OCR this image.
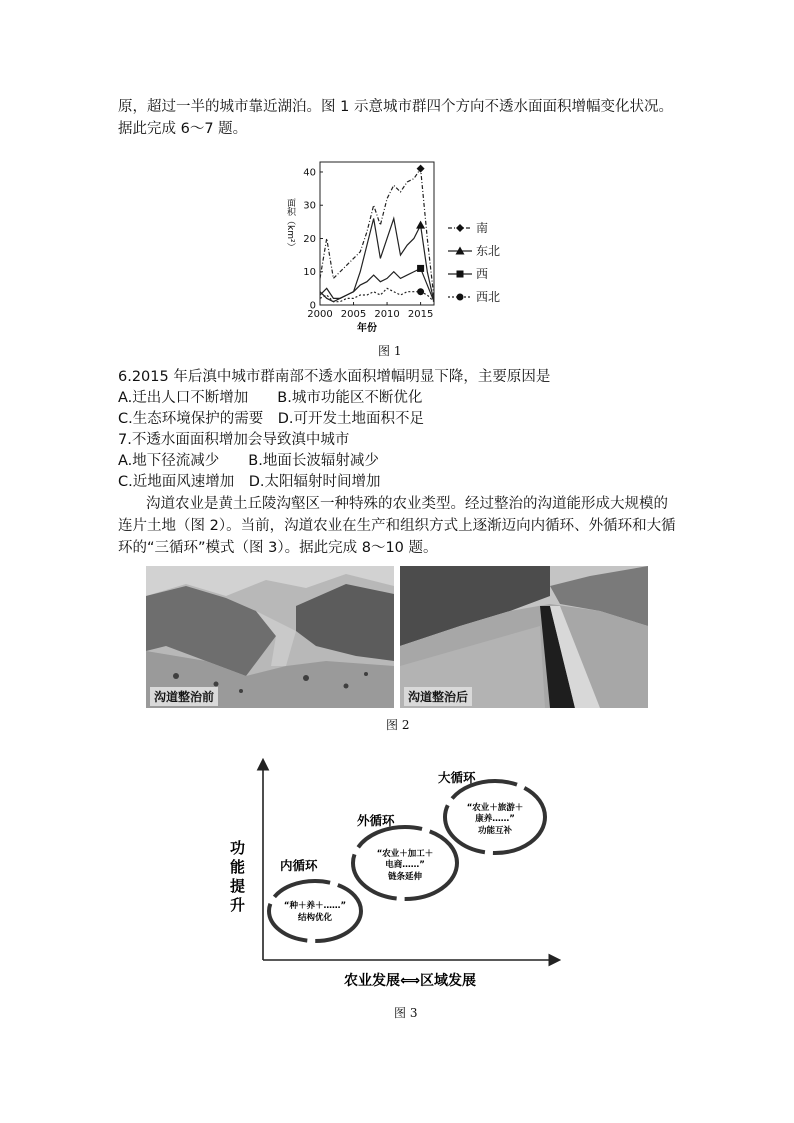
原，超过一半的城市靠近湖泊。图 1 示意城市群四个方向不透水面面积增幅变化状况。
据此完成 6～7 题。
0
10
20
30
40
2000 2005 2010 2015
年份
面积（km²）	南
东北
西
西北
图 1
6.2015 年后滇中城市群南部不透水面积增幅明显下降，主要原因是
A.迁出人口不断增加　　B.城市功能区不断优化
C.生态环境保护的需要　D.可开发土地面积不足
7.不透水面面积增加会导致滇中城市
A.地下径流减少　　B.地面长波辐射减少
C.近地面风速增加　D.太阳辐射时间增加
沟道农业是黄土丘陵沟壑区一种特殊的农业类型。经过整治的沟道能形成大规模的
连片土地（图 2）。当前，沟道农业在生产和组织方式上逐渐迈向内循环、外循环和大循
环的“三循环”模式（图 3）。据此完成 8～10 题。
沟道整治前	沟道整治后
图 2
功
能
提
升
农业发展⟺区域发展
内循环
“种＋养＋……”
结构优化
外循环
“农业＋加工＋
电商……”
链条延伸
大循环
“农业＋旅游＋
康养……”
功能互补
图 3
